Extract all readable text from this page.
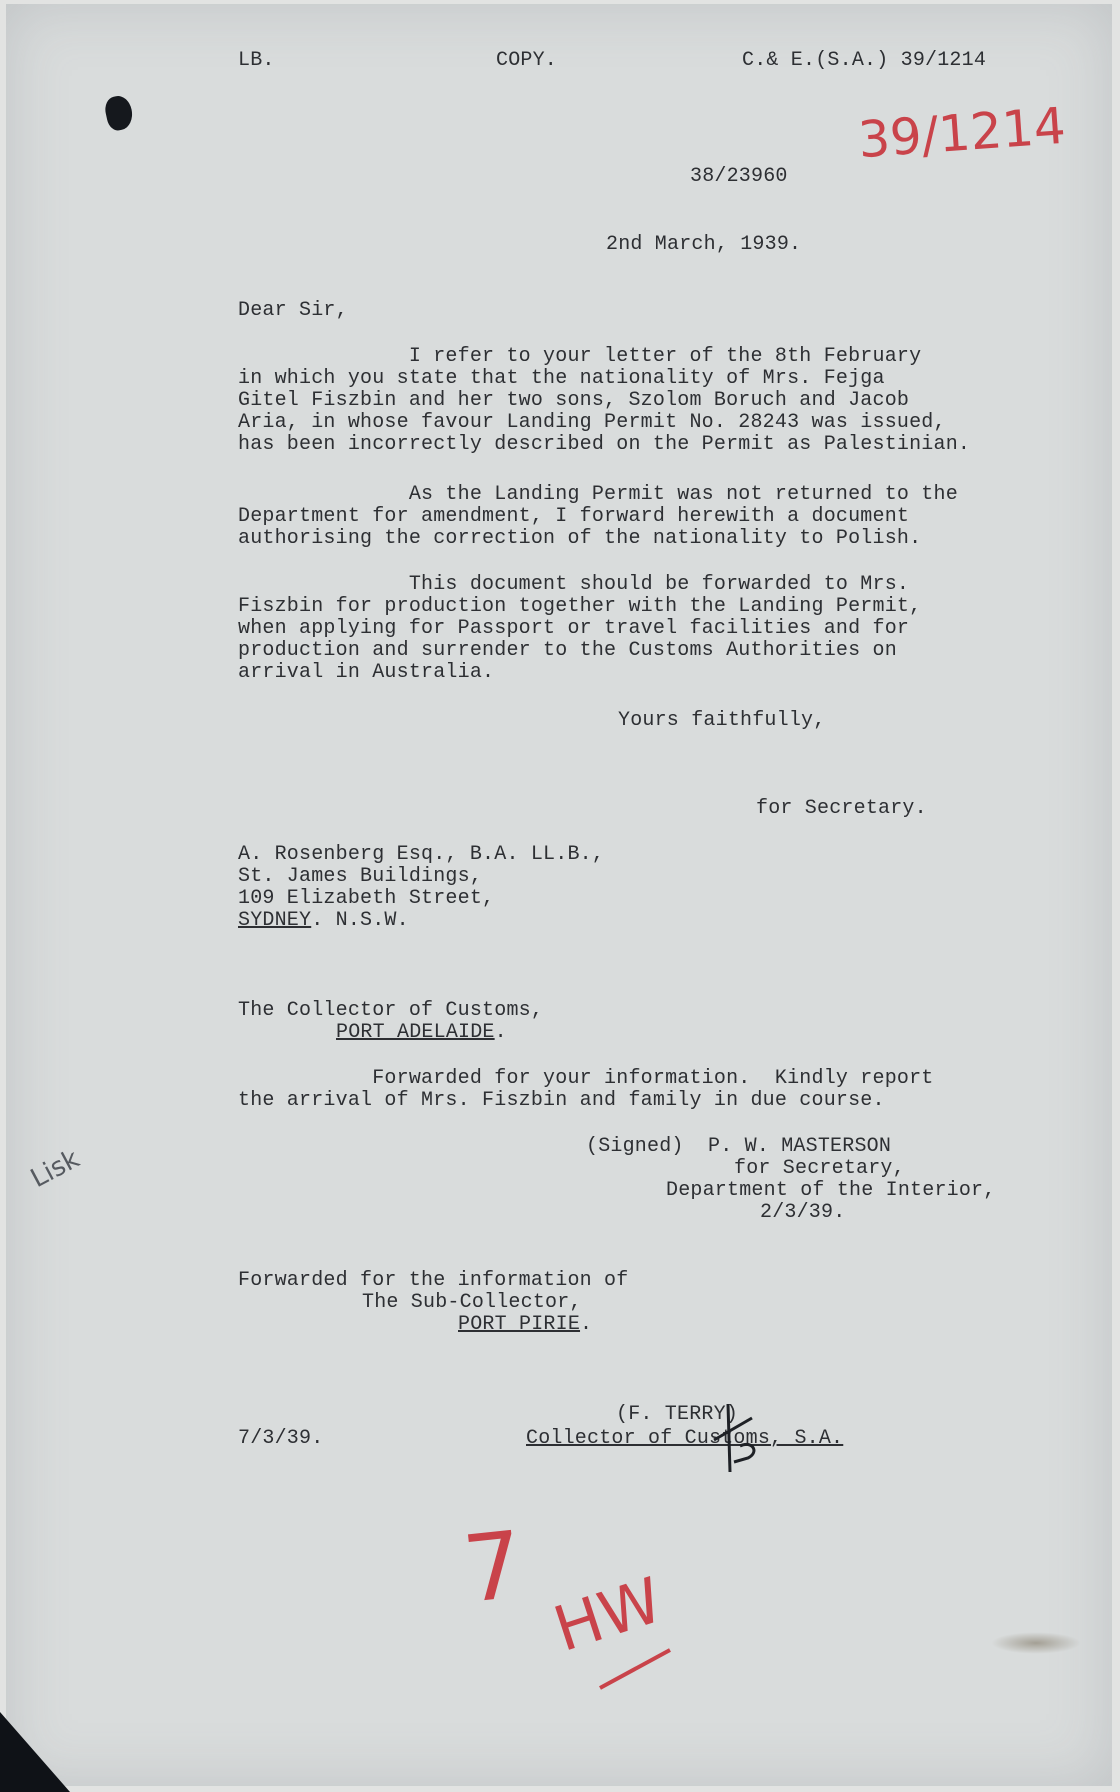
LB.	COPY.	C.& E.(S.A.) 39/1214

39/1214

38/23960

2nd March, 1939.

Dear Sir,

I refer to your letter of the 8th February

in which you state that the nationality of Mrs. Fejga

Gitel Fiszbin and her two sons, Szolom Boruch and Jacob

Aria, in whose favour Landing Permit No. 28243 was issued,

has been incorrectly described on the Permit as Palestinian.

As the Landing Permit was not returned to the

Department for amendment, I forward herewith a document

authorising the correction of the nationality to Polish.

This document should be forwarded to Mrs.

Fiszbin for production together with the Landing Permit,

when applying for Passport or travel facilities and for

production and surrender to the Customs Authorities on

arrival in Australia.

Yours faithfully,

for Secretary.

A. Rosenberg Esq., B.A. LL.B.,

St. James Buildings,

109 Elizabeth Street,

SYDNEY. N.S.W.

The Collector of Customs,

PORT ADELAIDE.

Forwarded for your information.  Kindly report

the arrival of Mrs. Fiszbin and family in due course.

(Signed)  P. W. MASTERSON

for Secretary,

Department of the Interior,

2/3/39.

Lisk

Forwarded for the information of

The Sub-Collector,

PORT PIRIE.

(F. TERRY)

7/3/39.	Collector of Customs, S.A.

7 HW
